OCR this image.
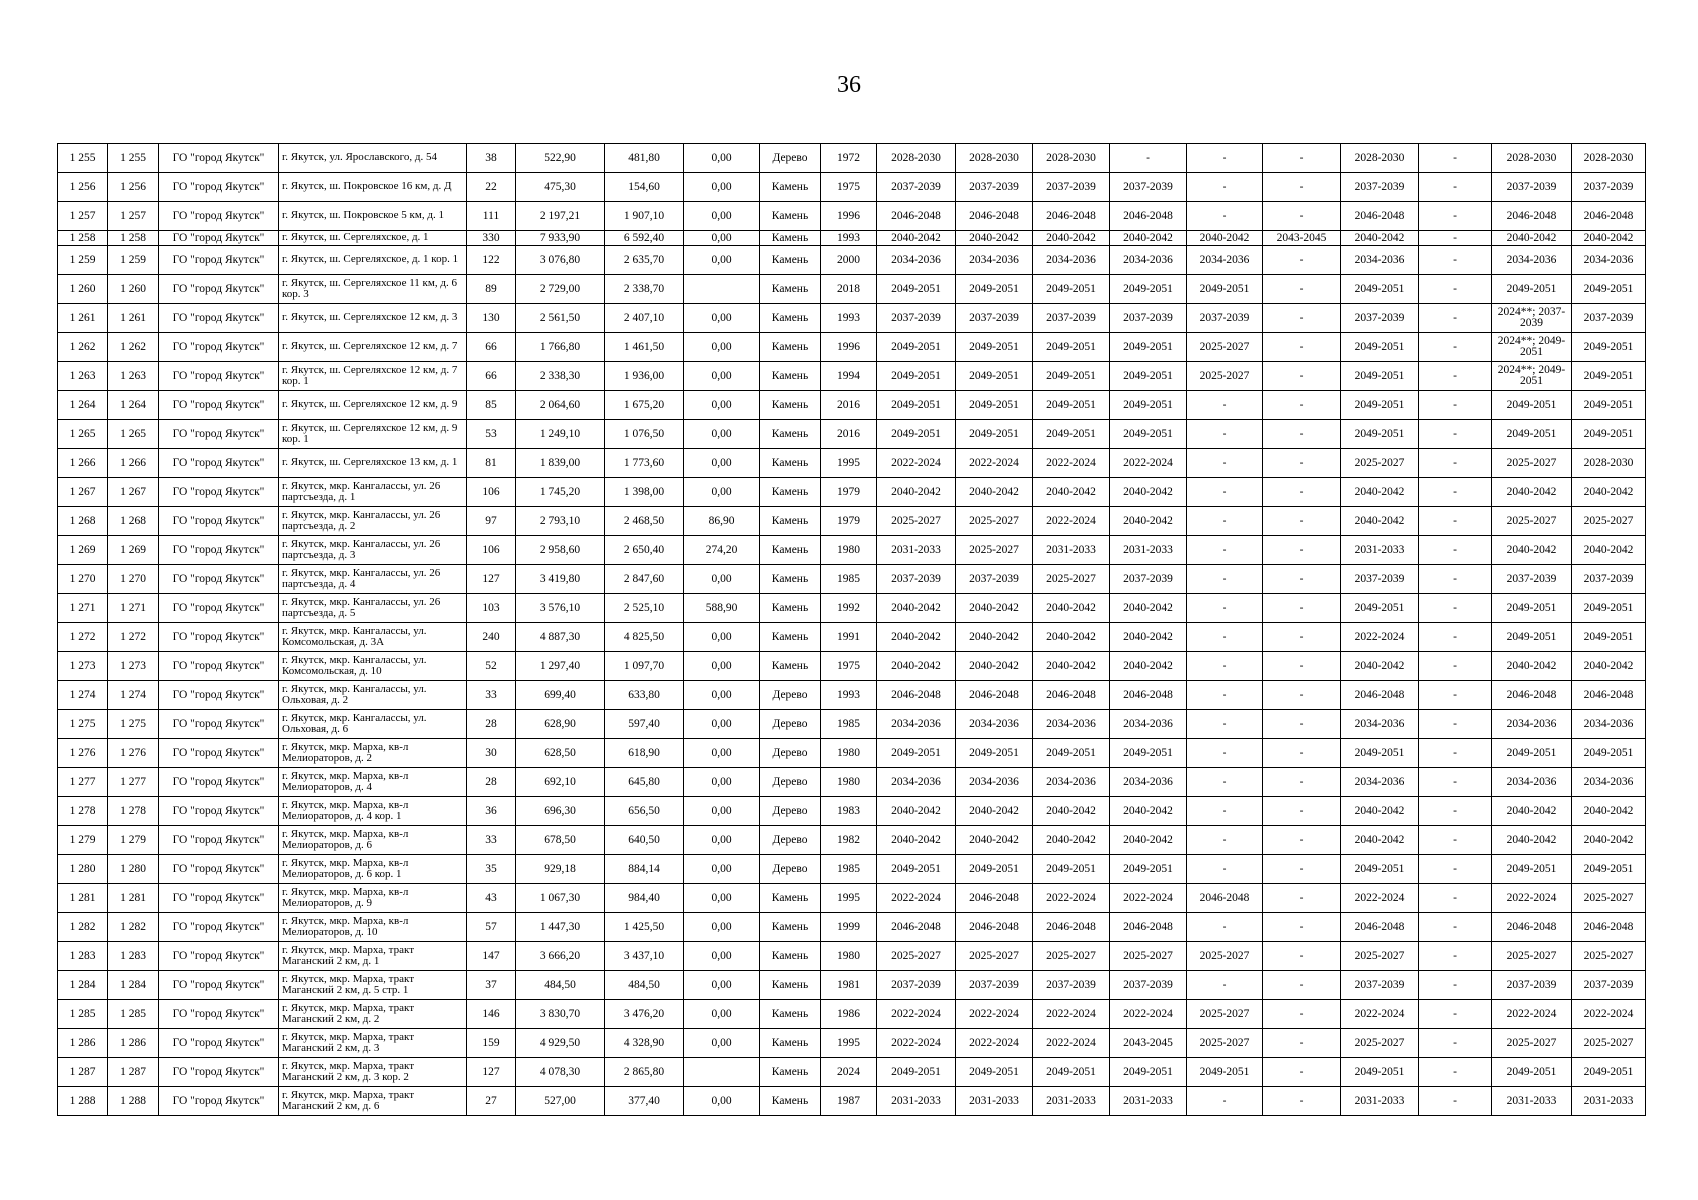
36
1 255	1 255	ГО "город Якутск"	г. Якутск, ул. Ярославского, д. 54	38	522,90	481,80	0,00	Дерево	1972	2028-2030	2028-2030	2028-2030	-	-	-	2028-2030	-	2028-2030	2028-2030
1 256	1 256	ГО "город Якутск"	г. Якутск, ш. Покровское 16 км, д. Д	22	475,30	154,60	0,00	Камень	1975	2037-2039	2037-2039	2037-2039	2037-2039	-	-	2037-2039	-	2037-2039	2037-2039
1 257	1 257	ГО "город Якутск"	г. Якутск, ш. Покровское 5 км, д. 1	111	2 197,21	1 907,10	0,00	Камень	1996	2046-2048	2046-2048	2046-2048	2046-2048	-	-	2046-2048	-	2046-2048	2046-2048
1 258	1 258	ГО "город Якутск"	г. Якутск, ш. Сергеляхское, д. 1	330	7 933,90	6 592,40	0,00	Камень	1993	2040-2042	2040-2042	2040-2042	2040-2042	2040-2042	2043-2045	2040-2042	-	2040-2042	2040-2042
1 259	1 259	ГО "город Якутск"	г. Якутск, ш. Сергеляхское, д. 1 кор. 1	122	3 076,80	2 635,70	0,00	Камень	2000	2034-2036	2034-2036	2034-2036	2034-2036	2034-2036	-	2034-2036	-	2034-2036	2034-2036
1 260	1 260	ГО "город Якутск"	г. Якутск, ш. Сергеляхское 11 км, д. 6 кор. 3	89	2 729,00	2 338,70		Камень	2018	2049-2051	2049-2051	2049-2051	2049-2051	2049-2051	-	2049-2051	-	2049-2051	2049-2051
1 261	1 261	ГО "город Якутск"	г. Якутск, ш. Сергеляхское 12 км, д. 3	130	2 561,50	2 407,10	0,00	Камень	1993	2037-2039	2037-2039	2037-2039	2037-2039	2037-2039	-	2037-2039	-	2024**; 2037-2039	2037-2039
1 262	1 262	ГО "город Якутск"	г. Якутск, ш. Сергеляхское 12 км, д. 7	66	1 766,80	1 461,50	0,00	Камень	1996	2049-2051	2049-2051	2049-2051	2049-2051	2025-2027	-	2049-2051	-	2024**; 2049-2051	2049-2051
1 263	1 263	ГО "город Якутск"	г. Якутск, ш. Сергеляхское 12 км, д. 7 кор. 1	66	2 338,30	1 936,00	0,00	Камень	1994	2049-2051	2049-2051	2049-2051	2049-2051	2025-2027	-	2049-2051	-	2024**; 2049-2051	2049-2051
1 264	1 264	ГО "город Якутск"	г. Якутск, ш. Сергеляхское 12 км, д. 9	85	2 064,60	1 675,20	0,00	Камень	2016	2049-2051	2049-2051	2049-2051	2049-2051	-	-	2049-2051	-	2049-2051	2049-2051
1 265	1 265	ГО "город Якутск"	г. Якутск, ш. Сергеляхское 12 км, д. 9 кор. 1	53	1 249,10	1 076,50	0,00	Камень	2016	2049-2051	2049-2051	2049-2051	2049-2051	-	-	2049-2051	-	2049-2051	2049-2051
1 266	1 266	ГО "город Якутск"	г. Якутск, ш. Сергеляхское 13 км, д. 1	81	1 839,00	1 773,60	0,00	Камень	1995	2022-2024	2022-2024	2022-2024	2022-2024	-	-	2025-2027	-	2025-2027	2028-2030
1 267	1 267	ГО "город Якутск"	г. Якутск, мкр. Кангаласcы, ул. 26 партсъезда, д. 1	106	1 745,20	1 398,00	0,00	Камень	1979	2040-2042	2040-2042	2040-2042	2040-2042	-	-	2040-2042	-	2040-2042	2040-2042
1 268	1 268	ГО "город Якутск"	г. Якутск, мкр. Кангаласcы, ул. 26 партсъезда, д. 2	97	2 793,10	2 468,50	86,90	Камень	1979	2025-2027	2025-2027	2022-2024	2040-2042	-	-	2040-2042	-	2025-2027	2025-2027
1 269	1 269	ГО "город Якутск"	г. Якутск, мкр. Кангаласcы, ул. 26 партсъезда, д. 3	106	2 958,60	2 650,40	274,20	Камень	1980	2031-2033	2025-2027	2031-2033	2031-2033	-	-	2031-2033	-	2040-2042	2040-2042
1 270	1 270	ГО "город Якутск"	г. Якутск, мкр. Кангаласcы, ул. 26 партсъезда, д. 4	127	3 419,80	2 847,60	0,00	Камень	1985	2037-2039	2037-2039	2025-2027	2037-2039	-	-	2037-2039	-	2037-2039	2037-2039
1 271	1 271	ГО "город Якутск"	г. Якутск, мкр. Кангаласcы, ул. 26 партсъезда, д. 5	103	3 576,10	2 525,10	588,90	Камень	1992	2040-2042	2040-2042	2040-2042	2040-2042	-	-	2049-2051	-	2049-2051	2049-2051
1 272	1 272	ГО "город Якутск"	г. Якутск, мкр. Кангаласcы, ул. Комсомольская, д. 3А	240	4 887,30	4 825,50	0,00	Камень	1991	2040-2042	2040-2042	2040-2042	2040-2042	-	-	2022-2024	-	2049-2051	2049-2051
1 273	1 273	ГО "город Якутск"	г. Якутск, мкр. Кангаласcы, ул. Комсомольская, д. 10	52	1 297,40	1 097,70	0,00	Камень	1975	2040-2042	2040-2042	2040-2042	2040-2042	-	-	2040-2042	-	2040-2042	2040-2042
1 274	1 274	ГО "город Якутск"	г. Якутск, мкр. Кангаласcы, ул. Ольховая, д. 2	33	699,40	633,80	0,00	Дерево	1993	2046-2048	2046-2048	2046-2048	2046-2048	-	-	2046-2048	-	2046-2048	2046-2048
1 275	1 275	ГО "город Якутск"	г. Якутск, мкр. Кангаласcы, ул. Ольховая, д. 6	28	628,90	597,40	0,00	Дерево	1985	2034-2036	2034-2036	2034-2036	2034-2036	-	-	2034-2036	-	2034-2036	2034-2036
1 276	1 276	ГО "город Якутск"	г. Якутск, мкр. Марха, кв-л Мелиораторов, д. 2	30	628,50	618,90	0,00	Дерево	1980	2049-2051	2049-2051	2049-2051	2049-2051	-	-	2049-2051	-	2049-2051	2049-2051
1 277	1 277	ГО "город Якутск"	г. Якутск, мкр. Марха, кв-л Мелиораторов, д. 4	28	692,10	645,80	0,00	Дерево	1980	2034-2036	2034-2036	2034-2036	2034-2036	-	-	2034-2036	-	2034-2036	2034-2036
1 278	1 278	ГО "город Якутск"	г. Якутск, мкр. Марха, кв-л Мелиораторов, д. 4 кор. 1	36	696,30	656,50	0,00	Дерево	1983	2040-2042	2040-2042	2040-2042	2040-2042	-	-	2040-2042	-	2040-2042	2040-2042
1 279	1 279	ГО "город Якутск"	г. Якутск, мкр. Марха, кв-л Мелиораторов, д. 6	33	678,50	640,50	0,00	Дерево	1982	2040-2042	2040-2042	2040-2042	2040-2042	-	-	2040-2042	-	2040-2042	2040-2042
1 280	1 280	ГО "город Якутск"	г. Якутск, мкр. Марха, кв-л Мелиораторов, д. 6 кор. 1	35	929,18	884,14	0,00	Дерево	1985	2049-2051	2049-2051	2049-2051	2049-2051	-	-	2049-2051	-	2049-2051	2049-2051
1 281	1 281	ГО "город Якутск"	г. Якутск, мкр. Марха, кв-л Мелиораторов, д. 9	43	1 067,30	984,40	0,00	Камень	1995	2022-2024	2046-2048	2022-2024	2022-2024	2046-2048	-	2022-2024	-	2022-2024	2025-2027
1 282	1 282	ГО "город Якутск"	г. Якутск, мкр. Марха, кв-л Мелиораторов, д. 10	57	1 447,30	1 425,50	0,00	Камень	1999	2046-2048	2046-2048	2046-2048	2046-2048	-	-	2046-2048	-	2046-2048	2046-2048
1 283	1 283	ГО "город Якутск"	г. Якутск, мкр. Марха, тракт Маганский 2 км, д. 1	147	3 666,20	3 437,10	0,00	Камень	1980	2025-2027	2025-2027	2025-2027	2025-2027	2025-2027	-	2025-2027	-	2025-2027	2025-2027
1 284	1 284	ГО "город Якутск"	г. Якутск, мкр. Марха, тракт Маганский 2 км, д. 5 стр. 1	37	484,50	484,50	0,00	Камень	1981	2037-2039	2037-2039	2037-2039	2037-2039	-	-	2037-2039	-	2037-2039	2037-2039
1 285	1 285	ГО "город Якутск"	г. Якутск, мкр. Марха, тракт Маганский 2 км, д. 2	146	3 830,70	3 476,20	0,00	Камень	1986	2022-2024	2022-2024	2022-2024	2022-2024	2025-2027	-	2022-2024	-	2022-2024	2022-2024
1 286	1 286	ГО "город Якутск"	г. Якутск, мкр. Марха, тракт Маганский 2 км, д. 3	159	4 929,50	4 328,90	0,00	Камень	1995	2022-2024	2022-2024	2022-2024	2043-2045	2025-2027	-	2025-2027	-	2025-2027	2025-2027
1 287	1 287	ГО "город Якутск"	г. Якутск, мкр. Марха, тракт Маганский 2 км, д. 3 кор. 2	127	4 078,30	2 865,80		Камень	2024	2049-2051	2049-2051	2049-2051	2049-2051	2049-2051	-	2049-2051	-	2049-2051	2049-2051
1 288	1 288	ГО "город Якутск"	г. Якутск, мкр. Марха, тракт Маганский 2 км, д. 6	27	527,00	377,40	0,00	Камень	1987	2031-2033	2031-2033	2031-2033	2031-2033	-	-	2031-2033	-	2031-2033	2031-2033
